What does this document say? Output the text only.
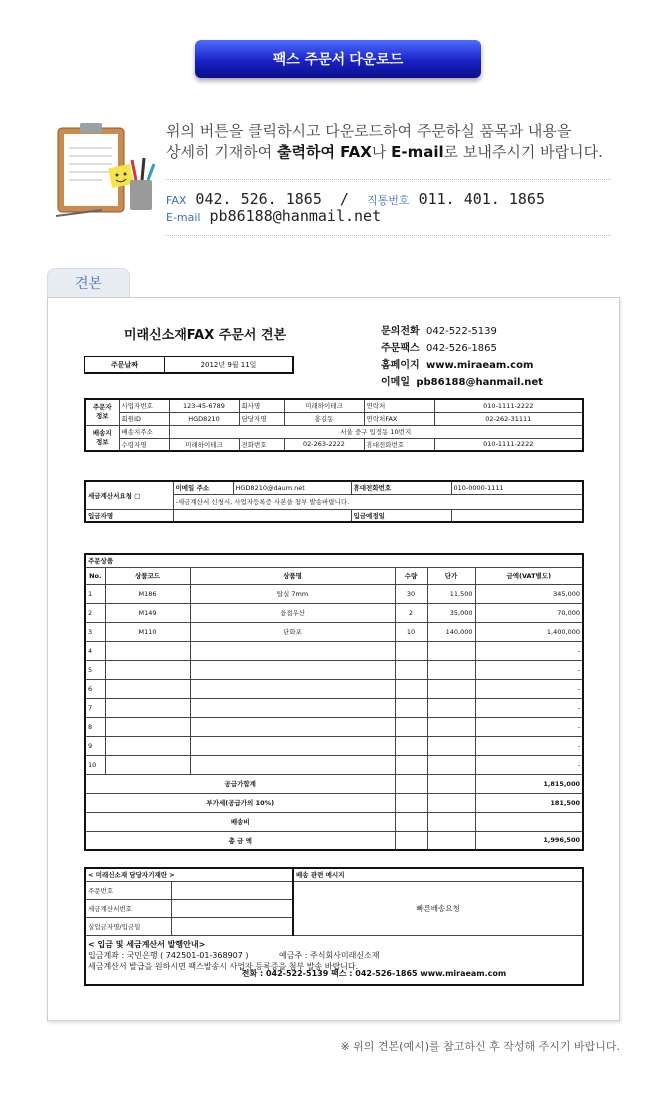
팩스 주문서 다운로드
위의 버튼을 클릭하시고 다운로드하여 주문하실 품목과 내용을
상세히 기재하여 출력하여 FAX나 E-mail로 보내주시기 바랍니다.
FAX 042. 526. 1865 / 직통번호 011. 401. 1865
E-mail pb86188@hanmail.net
견본
미래신소재FAX 주문서 견본	문의전화 042-522-5139
주문팩스 042-526-1865
홈페이지 www.miraeam.com
이메일 pb86188@hanmail.net
주문날짜	2012년 9월 11일
주문자
정보	사업자번호	123-45-6789	회사명	미래하이테크	연락처	010-1111-2222
	회원ID	HGD8210	담당자명	홍길동	연락처FAX	02-262-31111
배송지
정보	배송지주소	서울 중구 입정동 10번지				
	수령자명	미래하이테크	전화번호	02-263-2222	휴대전화번호	010-1111-2222
세금계산서요청 □	이메일 주소	HGD8210@daum.net	휴대전화번호	010-0000-1111
	-세금계산서 신청시, 사업자등록증 사본을 첨부 발송바랍니다.			
입금자명			입금예정일	
주문상품					
No.	상품코드	상품명	수량	단가	금액(VAT별도)
1	M186	탑실 7mm	30	11,500	345,000
2	M149	융접우산	2	35,000	70,000
3	M110	단화포	10	140,000	1,400,000
4					-
5					-
6					-
7					-
8					-
9					-
10					-
공급가합계					1,815,000
부가세(공급가의 10%)					181,500
배송비					
총 금 액					1,996,500
< 미래신소재 담당자기재란 >		배송 관련 메시지
주문번호		빠른배송요청
세금계산서번호		
실입금자명/입금일		

< 입금 및 세금계산서 발행안내>
입금계좌 : 국민은행 ( 742501-01-368907 ) 예금주 : 주식회사미래신소재
세금계산서 발급을 원하시면 팩스발송시 사업자 등록증을 첨부 발송 바랍니다.		
전화 : 042-522-5139 팩스 : 042-526-1865 www.miraeam.com
※ 위의 견본(예시)를 참고하신 후 작성해 주시기 바랍니다.
